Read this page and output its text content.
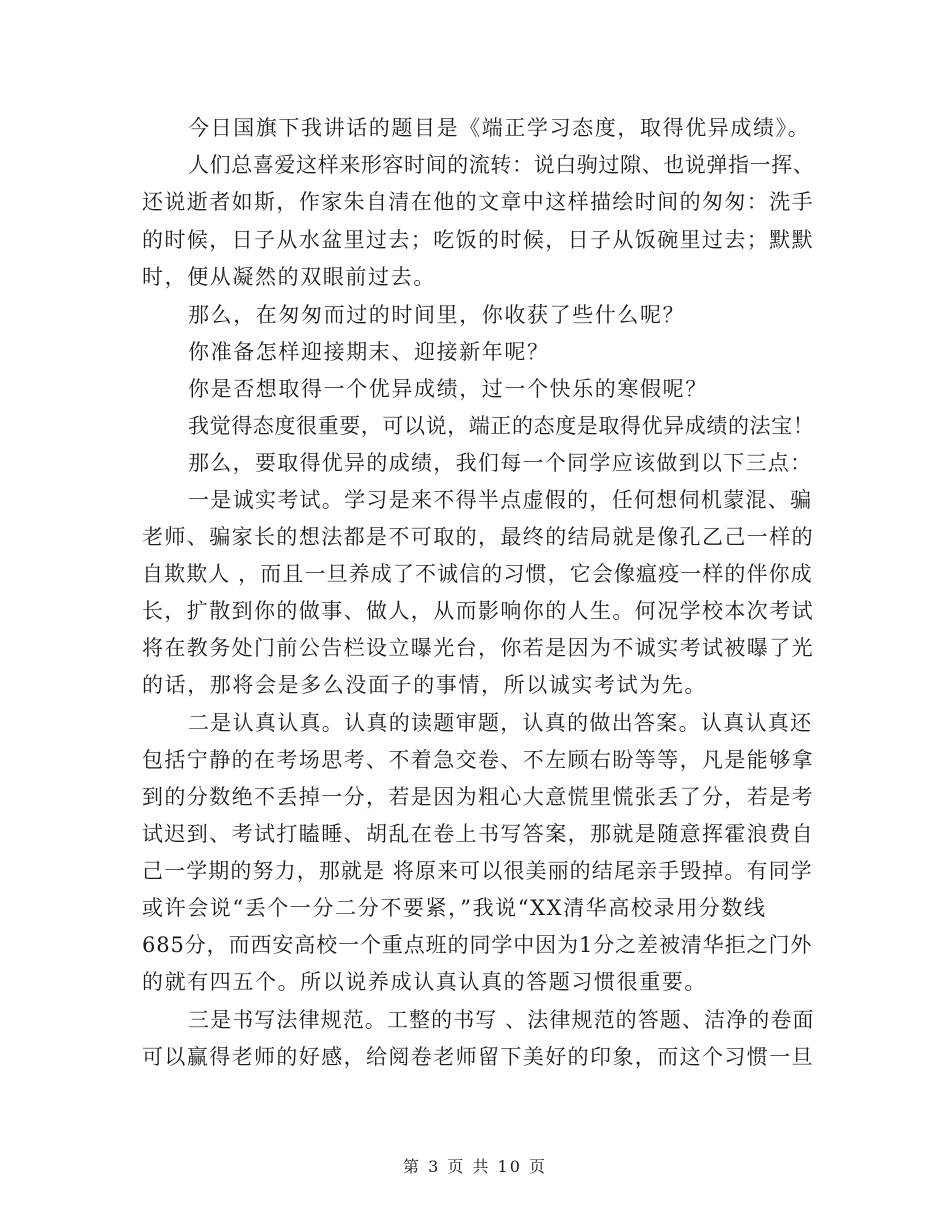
今日国旗下我讲话的题目是《端正学习态度，取得优异成绩》。
人们总喜爱这样来形容时间的流转：说白驹过隙、也说弹指一挥、
还说逝者如斯，作家朱自清在他的文章中这样描绘时间的匆匆：洗手
的时候，日子从水盆里过去；吃饭的时候，日子从饭碗里过去；默默
时，便从凝然的双眼前过去。
那么，在匆匆而过的时间里，你收获了些什么呢？
你准备怎样迎接期末、迎接新年呢？
你是否想取得一个优异成绩，过一个快乐的寒假呢？
我觉得态度很重要，可以说，端正的态度是取得优异成绩的法宝！
那么，要取得优异的成绩，我们每一个同学应该做到以下三点：
一是诚实考试。学习是来不得半点虚假的，任何想伺机蒙混、骗
老师、骗家长的想法都是不可取的，最终的结局就是像孔乙己一样的
自欺欺人 ，而且一旦养成了不诚信的习惯，它会像瘟疫一样的伴你成
长，扩散到你的做事、做人，从而影响你的人生。何况学校本次考试
将在教务处门前公告栏设立曝光台，你若是因为不诚实考试被曝了光
的话，那将会是多么没面子的事情，所以诚实考试为先。
二是认真认真。认真的读题审题，认真的做出答案。认真认真还
包括宁静的在考场思考、不着急交卷、不左顾右盼等等，凡是能够拿
到的分数绝不丢掉一分，若是因为粗心大意慌里慌张丢了分，若是考
试迟到、考试打瞌睡、胡乱在卷上书写答案，那就是随意挥霍浪费自
己一学期的努力，那就是 将原来可以很美丽的结尾亲手毁掉。有同学
或许会说“丢个一分二分不要紧，”我说“XX清华高校录用分数线
685分，而西安高校一个重点班的同学中因为1分之差被清华拒之门外
的就有四五个。所以说养成认真认真的答题习惯很重要。
三是书写法律规范。工整的书写 、法律规范的答题、洁净的卷面
可以赢得老师的好感，给阅卷老师留下美好的印象，而这个习惯一旦
第 3 页 共 10 页
